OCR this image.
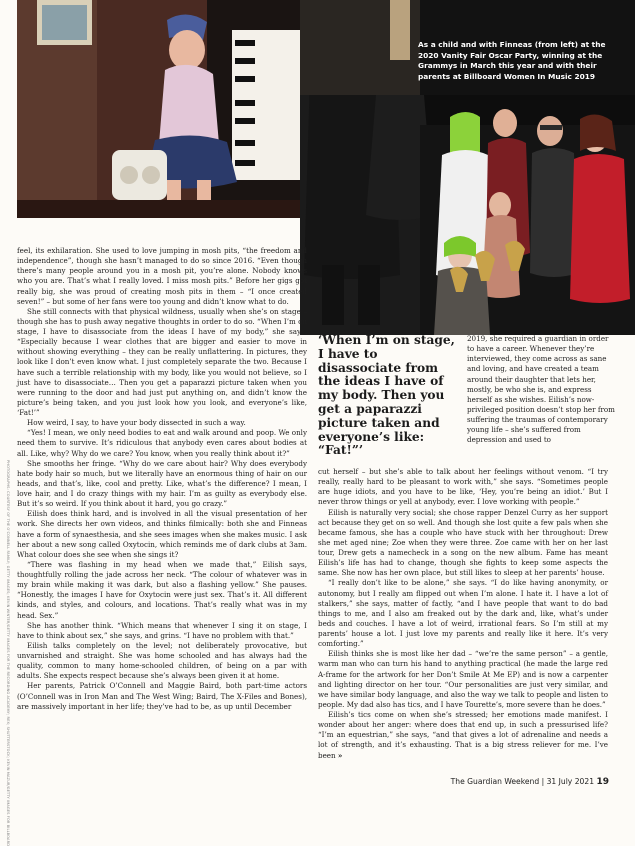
As a child and with Finneas (from left) at the 2020 Vanity Fair Oscar Party, winning at the Grammys in March this year and with their parents at Billboard Women In Music 2019

feel, its exhilaration. She used to love jumping in mosh pits, “the freedom and independence”, though she hasn’t managed to do so since 2016. “Even though there’s many people around you in a mosh pit, you’re alone. Nobody knows who you are. That’s what I really loved. I miss mosh pits.” Before her gigs got really big, she was proud of creating mosh pits in them – “I once created seven!” – but some of her fans were too young and didn’t know what to do.

She still connects with that physical wildness, usually when she’s on stage – though she has to push away negative thoughts in order to do so. “When I’m on stage, I have to disassociate from the ideas I have of my body,” she says. “Especially because I wear clothes that are bigger and easier to move in without showing everything – they can be really unflattering. In pictures, they look like I don’t even know what. I just completely separate the two. Because I have such a terrible relationship with my body, like you would not believe, so I just have to disassociate… Then you get a paparazzi picture taken when you were running to the door and had just put anything on, and didn’t know the picture’s being taken, and you just look how you look, and everyone’s like, ‘Fat!’”

How weird, I say, to have your body dissected in such a way.

“Yes! I mean, we only need bodies to eat and walk around and poop. We only need them to survive. It’s ridiculous that anybody even cares about bodies at all. Like, why? Why do we care? You know, when you really think about it?”

She smooths her fringe. “Why do we care about hair? Why does everybody hate body hair so much, but we literally have an enormous thing of hair on our heads, and that’s, like, cool and pretty. Like, what’s the difference? I mean, I love hair, and I do crazy things with my hair. I’m as guilty as everybody else. But it’s so weird. If you think about it hard, you go crazy.”

Eilish does think hard, and is involved in all the visual presentation of her work. She directs her own videos, and thinks filmically: both she and Finneas have a form of synaesthesia, and she sees images when she makes music. I ask her about a new song called Oxytocin, which reminds me of dark clubs at 3am. What colour does she see when she sings it?

“There was flashing in my head when we made that,” Eilish says, thoughtfully rolling the jade across her neck. “The colour of whatever was in my brain while making it was dark, but also a flashing yellow.” She pauses. “Honestly, the images I have for Oxytocin were just sex. That’s it. All different kinds, and styles, and colours, and locations. That’s really what was in my head. Sex.”

She has another think. “Which means that whenever I sing it on stage, I have to think about sex,” she says, and grins. “I have no problem with that.”

Eilish talks completely on the level; not deliberately provocative, but unvarnished and straight. She was home schooled and has always had the quality, common to many home-schooled children, of being on a par with adults. She expects respect because she’s always been given it at home.

Her parents, Patrick O’Connell and Maggie Baird, both part-time actors (O’Connell was in Iron Man and The West Wing; Baird, The X-Files and Bones), are massively important in her life; they’ve had to be, as up until December

‘When I’m on stage, I have to disassociate from the ideas I have of my body. Then you get a paparazzi picture taken and everyone’s like: “Fat!”’

2019, she required a guardian in order to have a career. Whenever they’re interviewed, they come across as sane and loving, and have created a team around their daughter that lets her, mostly, be who she is, and express herself as she wishes. Eilish’s now-privileged position doesn’t stop her from suffering the traumas of contemporary young life – she’s suffered from depression and used to

cut herself – but she’s able to talk about her feelings without venom. “I try really, really hard to be pleasant to work with,” she says. “Sometimes people are huge idiots, and you have to be like, ‘Hey, you’re being an idiot.’ But I never throw things or yell at anybody, ever. I love working with people.”

Eilish is naturally very social; she chose rapper Denzel Curry as her support act because they get on so well. And though she lost quite a few pals when she became famous, she has a couple who have stuck with her throughout: Drew she met aged nine; Zoe when they were three. Zoe came with her on her last tour, Drew gets a namecheck in a song on the new album. Fame has meant Eilish’s life has had to change, though she fights to keep some aspects the same. She now has her own place, but still likes to sleep at her parents’ house.

“I really don’t like to be alone,” she says. “I do like having anonymity, or autonomy, but I really am flipped out when I’m alone. I hate it. I have a lot of stalkers,” she says, matter of factly, “and I have people that want to do bad things to me, and I also am freaked out by the dark and, like, what’s under beds and couches. I have a lot of weird, irrational fears. So I’m still at my parents’ house a lot. I just love my parents and really like it here. It’s very comforting.”

Eilish thinks she is most like her dad – “we’re the same person” – a gentle, warm man who can turn his hand to anything practical (he made the large red A-frame for the artwork for her Don’t Smile At Me EP) and is now a carpenter and lighting director on her tour. “Our personalities are just very similar, and we have similar body language, and also the way we talk to people and listen to people. My dad also has tics, and I have Tourette’s, more severe than he does.”

Eilish’s tics come on when she’s stressed; her emotions made manifest. I wonder about her anger: where does that end up, in such a pressurised life? “I’m an equestrian,” she says, “and that gives a lot of adrenaline and needs a lot of strength, and it’s exhausting. That is a big stress reliever for me. I’ve been »

PHOTOGRAPHS: COURTESY OF THE O’CONNELL FAMILY; GETTY IMAGES; KEVIN WINTER/GETTY IMAGES FOR THE RECORDING ACADEMY; REX; SHUTTERSTOCK; KEVIN MAZUR/GETTY IMAGES FOR BILLBOARD	The Guardian Weekend | 31 July 2021 19
